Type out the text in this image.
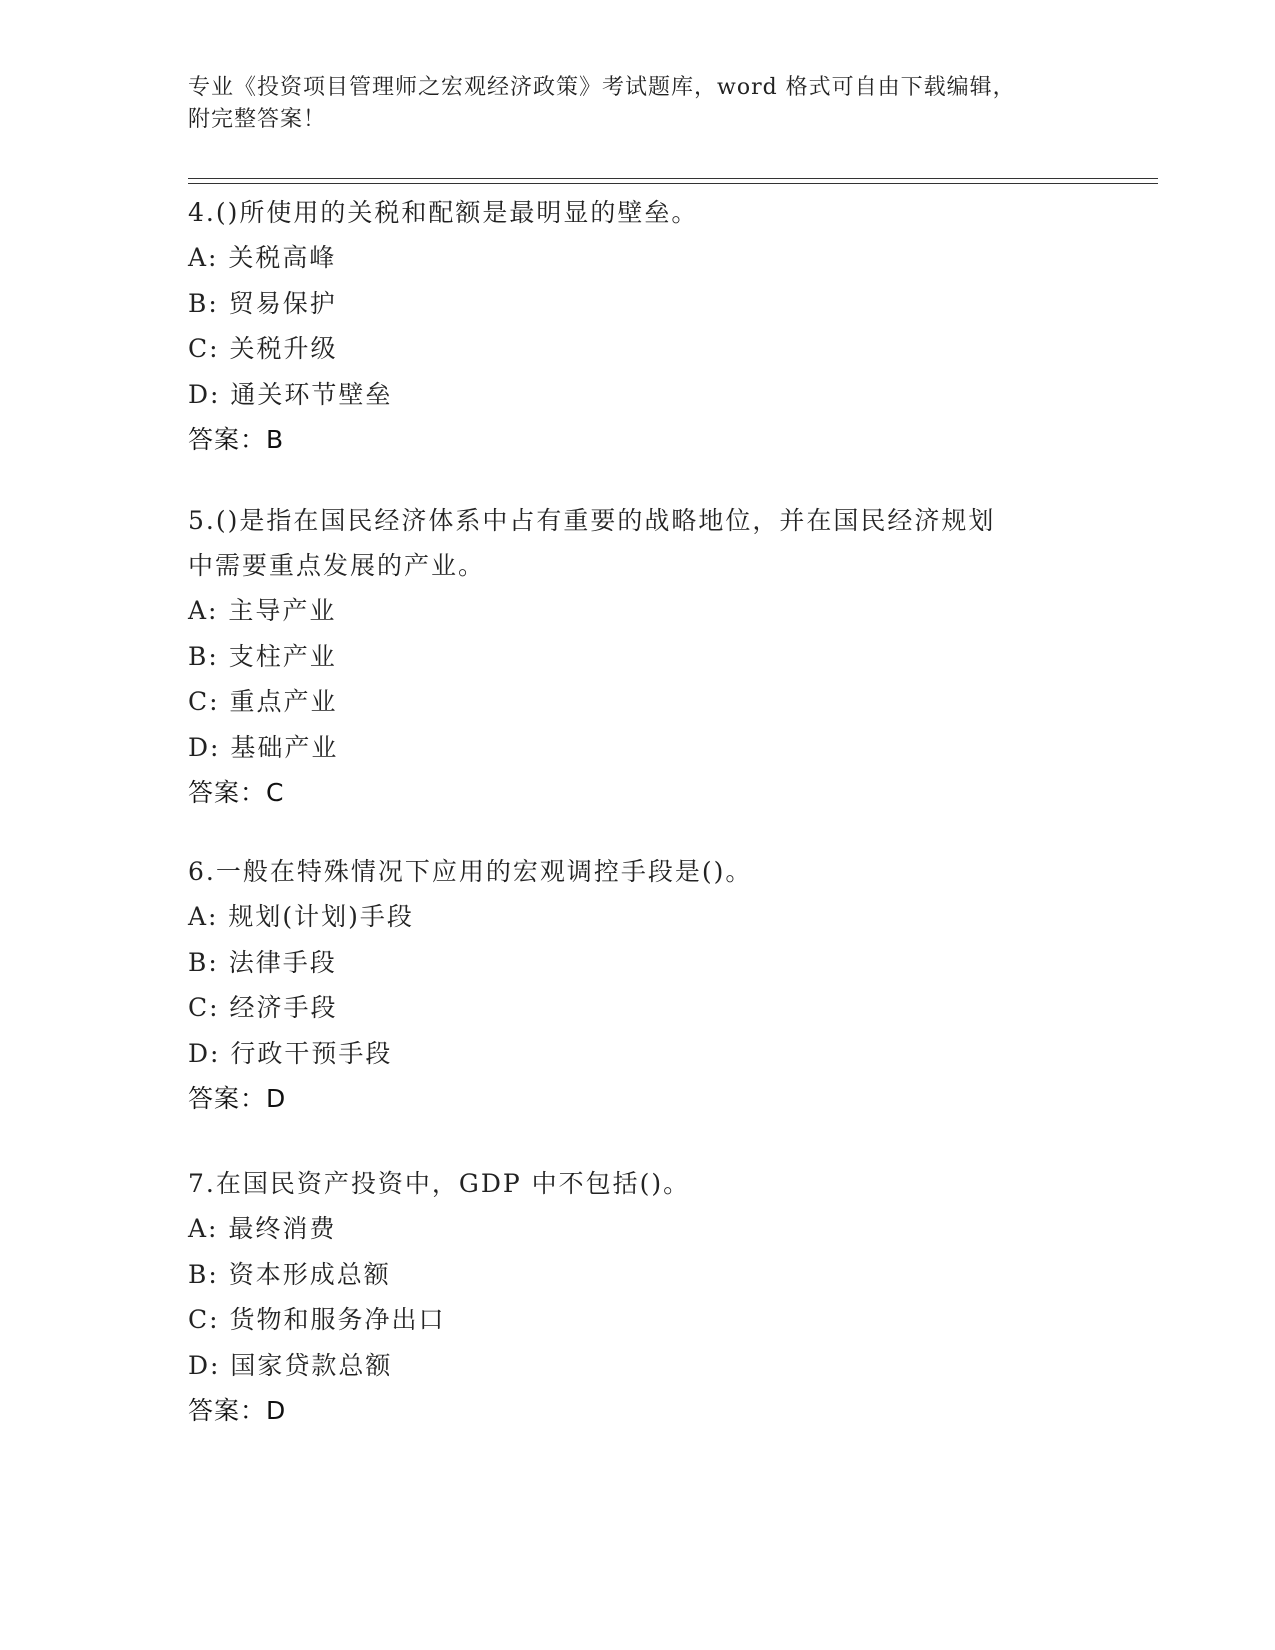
专业《投资项目管理师之宏观经济政策》考试题库，word 格式可自由下载编辑，
附完整答案！
4.()所使用的关税和配额是最明显的壁垒。
A: 关税高峰
B: 贸易保护
C: 关税升级
D: 通关环节壁垒
答案：B
5.()是指在国民经济体系中占有重要的战略地位，并在国民经济规划
中需要重点发展的产业。
A: 主导产业
B: 支柱产业
C: 重点产业
D: 基础产业
答案：C
6.一般在特殊情况下应用的宏观调控手段是()。
A: 规划(计划)手段
B: 法律手段
C: 经济手段
D: 行政干预手段
答案：D
7.在国民资产投资中，GDP 中不包括()。
A: 最终消费
B: 资本形成总额
C: 货物和服务净出口
D: 国家贷款总额
答案：D
